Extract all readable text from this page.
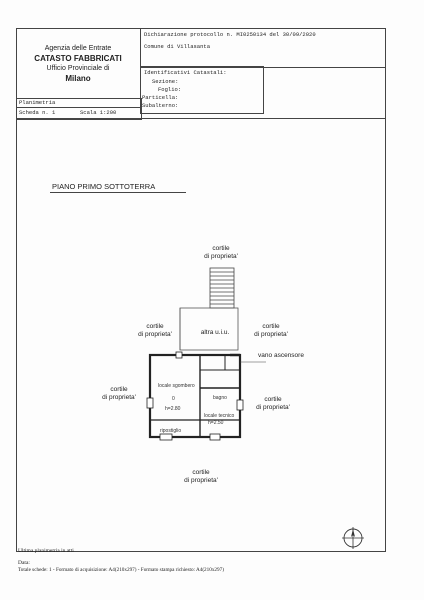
Dichiarazione protocollo n. MI0250134 del 30/09/2020
Comune di Villasanta
Identificativi Catastali:
Sezione:
Foglio:
Particella:
Subalterno:
Agenzia delle Entrate
CATASTO FABBRICATI
Ufficio Provinciale di
Milano
Planimetria
Scheda n. 1	Scala 1:200
PIANO PRIMO SOTTOTERRA
cortile
di proprieta'
cortile
di proprieta'
cortile
di proprieta'
cortile
di proprieta'	cortile
di proprieta'
cortile
di proprieta'
altra u.i.u.
vano ascensore
locale sgombero
0
h=2.80
bagno
locale tecnico
h=2.50
ripostiglio
Ultima planimetria in atti
Data:
Totale schede: 1 - Formato di acquisizione: A4(210x297) - Formato stampa richiesto: A4(210x297)
